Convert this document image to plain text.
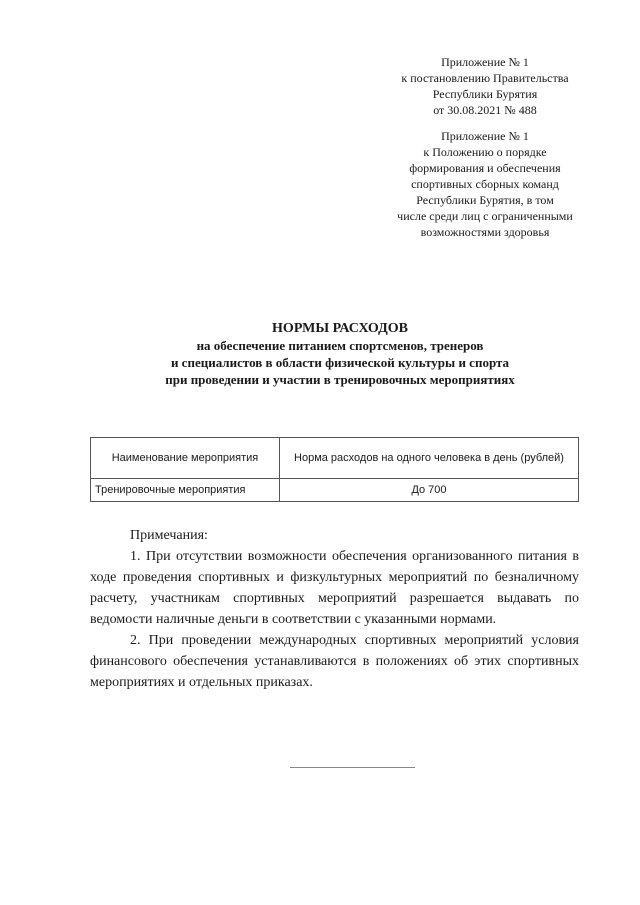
Приложение № 1
к постановлению Правительства
Республики Бурятия
от 30.08.2021 № 488
Приложение № 1
к Положению о порядке
формирования и обеспечения
спортивных сборных команд
Республики Бурятия, в том
числе среди лиц с ограниченными
возможностями здоровья
НОРМЫ РАСХОДОВ
на обеспечение питанием спортсменов, тренеров
и специалистов в области физической культуры и спорта
при проведении и участии в тренировочных мероприятиях
Наименование мероприятия	Норма расходов на одного человека в день (рублей)
Тренировочные мероприятия	До 700

Примечания:

1. При отсутствии возможности обеспечения организованного питания в ходе проведения спортивных и физкультурных мероприятий по безналичному расчету, участникам спортивных мероприятий разрешается выдавать по ведомости наличные деньги в соответствии с указанными нормами.

2. При проведении международных спортивных мероприятий условия финансового обеспечения устанавливаются в положениях об этих спортивных мероприятиях и отдельных приказах.
